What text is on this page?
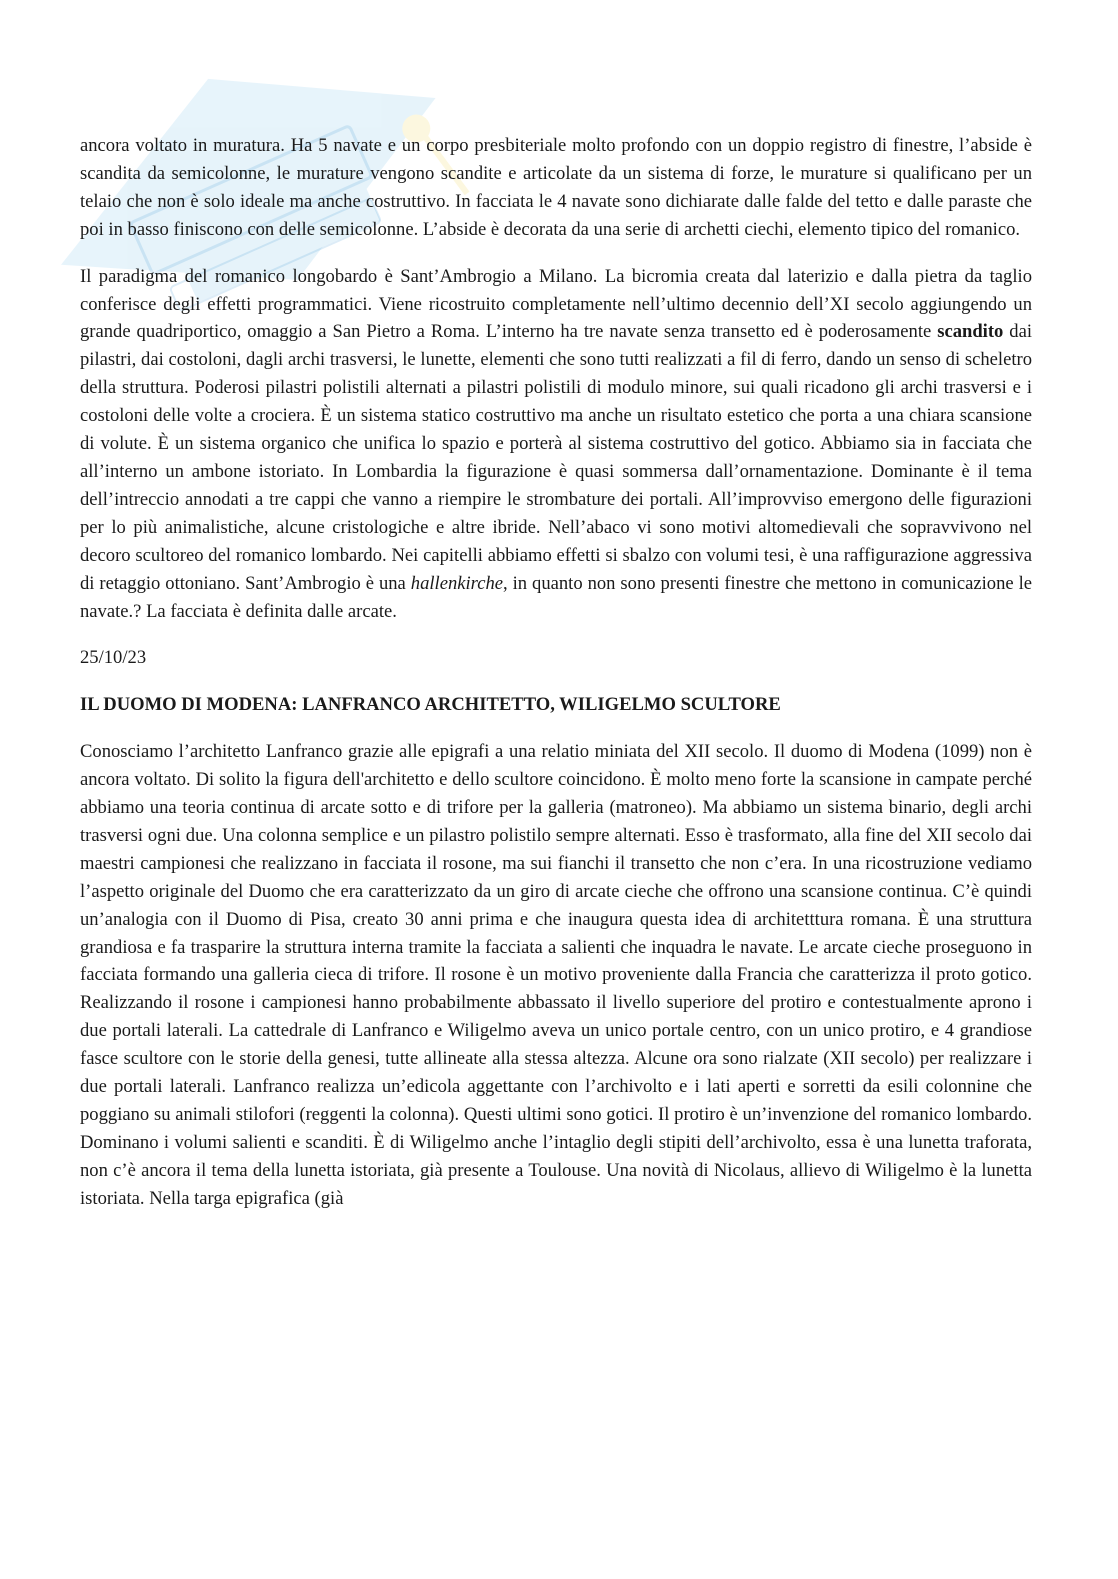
ancora voltato in muratura. Ha 5 navate e un corpo presbiteriale molto profondo con un doppio registro di finestre, l’abside è scandita da semicolonne, le murature vengono scandite e articolate da un sistema di forze, le murature si qualificano per un telaio che non è solo ideale ma anche costruttivo. In facciata le 4 navate sono dichiarate dalle falde del tetto e dalle paraste che poi in basso finiscono con delle semicolonne. L’abside è decorata da una serie di archetti ciechi, elemento tipico del romanico.

Il paradigma del romanico longobardo è Sant’Ambrogio a Milano. La bicromia creata dal laterizio e dalla pietra da taglio conferisce degli effetti programmatici. Viene ricostruito completamente nell’ultimo decennio dell’XI secolo aggiungendo un grande quadriportico, omaggio a San Pietro a Roma. L’interno ha tre navate senza transetto ed è poderosamente scandito dai pilastri, dai costoloni, dagli archi trasversi, le lunette, elementi che sono tutti realizzati a fil di ferro, dando un senso di scheletro della struttura. Poderosi pilastri polistili alternati a pilastri polistili di modulo minore, sui quali ricadono gli archi trasversi e i costoloni delle volte a crociera. È un sistema statico costruttivo ma anche un risultato estetico che porta a una chiara scansione di volute. È un sistema organico che unifica lo spazio e porterà al sistema costruttivo del gotico. Abbiamo sia in facciata che all’interno un ambone istoriato. In Lombardia la figurazione è quasi sommersa dall’ornamentazione. Dominante è il tema dell’intreccio annodati a tre cappi che vanno a riempire le strombature dei portali. All’improvviso emergono delle figurazioni per lo più animalistiche, alcune cristologiche e altre ibride. Nell’abaco vi sono motivi altomedievali che sopravvivono nel decoro scultoreo del romanico lombardo. Nei capitelli abbiamo effetti si sbalzo con volumi tesi, è una raffigurazione aggressiva di retaggio ottoniano. Sant’Ambrogio è una hallenkirche, in quanto non sono presenti finestre che mettono in comunicazione le navate.? La facciata è definita dalle arcate.

25/10/23

IL DUOMO DI MODENA: LANFRANCO ARCHITETTO, WILIGELMO SCULTORE

Conosciamo l’architetto Lanfranco grazie alle epigrafi a una relatio miniata del XII secolo. Il duomo di Modena (1099) non è ancora voltato. Di solito la figura dell'architetto e dello scultore coincidono. È molto meno forte la scansione in campate perché abbiamo una teoria continua di arcate sotto e di trifore per la galleria (matroneo). Ma abbiamo un sistema binario, degli archi trasversi ogni due. Una colonna semplice e un pilastro polistilo sempre alternati. Esso è trasformato, alla fine del XII secolo dai maestri campionesi che realizzano in facciata il rosone, ma sui fianchi il transetto che non c’era. In una ricostruzione vediamo l’aspetto originale del Duomo che era caratterizzato da un giro di arcate cieche che offrono una scansione continua. C’è quindi un’analogia con il Duomo di Pisa, creato 30 anni prima e che inaugura questa idea di architetttura romana. È una struttura grandiosa e fa trasparire la struttura interna tramite la facciata a salienti che inquadra le navate. Le arcate cieche proseguono in facciata formando una galleria cieca di trifore. Il rosone è un motivo proveniente dalla Francia che caratterizza il proto gotico. Realizzando il rosone i campionesi hanno probabilmente abbassato il livello superiore del protiro e contestualmente aprono i due portali laterali. La cattedrale di Lanfranco e Wiligelmo aveva un unico portale centro, con un unico protiro, e 4 grandiose fasce scultore con le storie della genesi, tutte allineate alla stessa altezza. Alcune ora sono rialzate (XII secolo) per realizzare i due portali laterali. Lanfranco realizza un’edicola aggettante con l’archivolto e i lati aperti e sorretti da esili colonnine che poggiano su animali stilofori (reggenti la colonna). Questi ultimi sono gotici. Il protiro è un’invenzione del romanico lombardo. Dominano i volumi salienti e scanditi. È di Wiligelmo anche l’intaglio degli stipiti dell’archivolto, essa è una lunetta traforata, non c’è ancora il tema della lunetta istoriata, già presente a Toulouse. Una novità di Nicolaus, allievo di Wiligelmo è la lunetta istoriata. Nella targa epigrafica (già
